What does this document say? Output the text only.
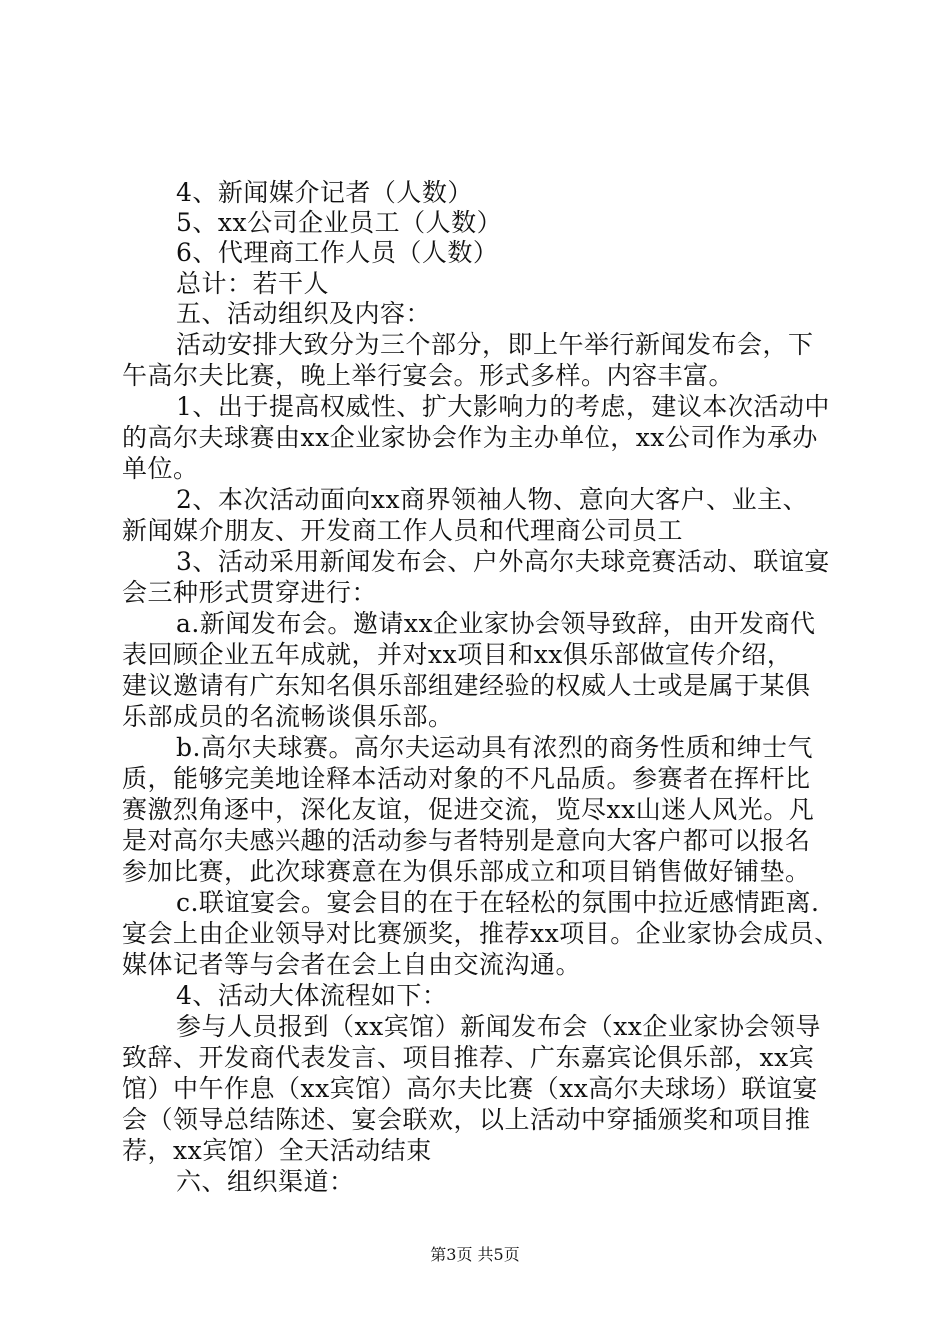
4、新闻媒介记者（人数）
5、xx公司企业员工（人数）
6、代理商工作人员（人数）
总计：若干人
五、活动组织及内容：
活动安排大致分为三个部分，即上午举行新闻发布会，下
午高尔夫比赛，晚上举行宴会。形式多样。内容丰富。
1、出于提高权威性、扩大影响力的考虑，建议本次活动中
的高尔夫球赛由xx企业家协会作为主办单位，xx公司作为承办
单位。
2、本次活动面向xx商界领袖人物、意向大客户、业主、
新闻媒介朋友、开发商工作人员和代理商公司员工
3、活动采用新闻发布会、户外高尔夫球竞赛活动、联谊宴
会三种形式贯穿进行：
a.新闻发布会。邀请xx企业家协会领导致辞，由开发商代
表回顾企业五年成就，并对xx项目和xx俱乐部做宣传介绍，
建议邀请有广东知名俱乐部组建经验的权威人士或是属于某俱
乐部成员的名流畅谈俱乐部。
b.高尔夫球赛。高尔夫运动具有浓烈的商务性质和绅士气
质，能够完美地诠释本活动对象的不凡品质。参赛者在挥杆比
赛激烈角逐中，深化友谊，促进交流，览尽xx山迷人风光。凡
是对高尔夫感兴趣的活动参与者特别是意向大客户都可以报名
参加比赛，此次球赛意在为俱乐部成立和项目销售做好铺垫。
c.联谊宴会。宴会目的在于在轻松的氛围中拉近感情距离.
宴会上由企业领导对比赛颁奖，推荐xx项目。企业家协会成员、
媒体记者等与会者在会上自由交流沟通。
4、活动大体流程如下：
参与人员报到（xx宾馆）新闻发布会（xx企业家协会领导
致辞、开发商代表发言、项目推荐、广东嘉宾论俱乐部，xx宾
馆）中午作息（xx宾馆）高尔夫比赛（xx高尔夫球场）联谊宴
会（领导总结陈述、宴会联欢，以上活动中穿插颁奖和项目推
荐，xx宾馆）全天活动结束
六、组织渠道：
第3页 共5页
